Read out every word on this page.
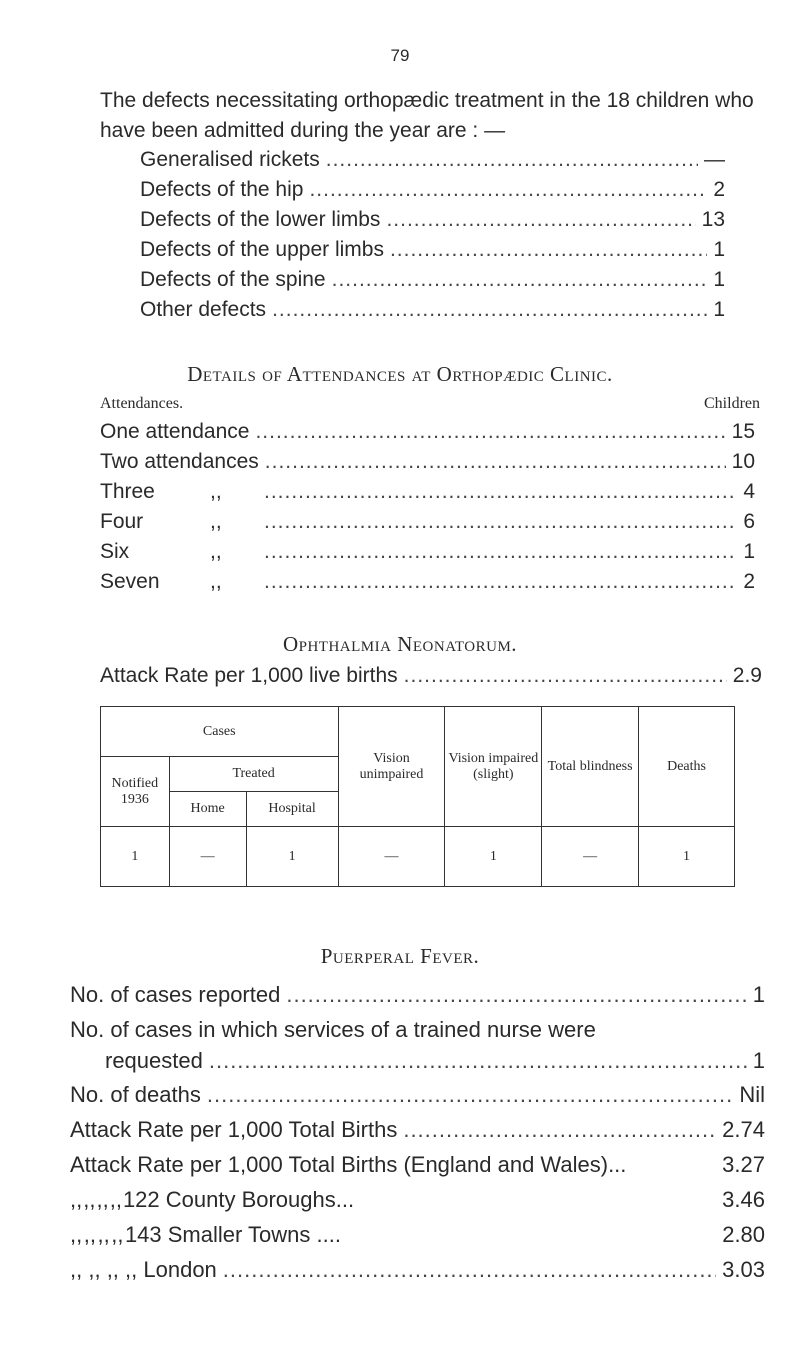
79

The defects necessitating orthopædic treatment in the 18 children who have been admitted during the year are : —

Generalised rickets .....	—
Defects of the hip .....	2
Defects of the lower limbs .....	13
Defects of the upper limbs .....	1
Defects of the spine .....	1
Other defects .....	1
Details of Attendances at Orthopædic Clinic.
Attendances.	Children
One attendance .....	15
Two attendances .....	10
Three	,, .....	4
Four	,, .....	6
Six	,, .....	1
Seven	,, .....	2
Ophthalmia Neonatorum.
Attack Rate per 1,000 live births .....	2.9
Cases			Vision unimpaired	Vision impaired (slight)	Total blindness	Deaths
Notified 1936	Treated					
	Home	Hospital				
1	—	1	—	1	—	1
Puerperal Fever.
No. of cases reported .....	1
No. of cases in which services of a trained nurse were
requested .....	1
No. of deaths .....	Nil
Attack Rate per 1,000 Total Births .....	2.74
Attack Rate per 1,000 Total Births (England and Wales)...	3.27
,, ,, ,, ,, 122 County Boroughs...	3.46
,, ,, ,, ,, 143 Smaller Towns ....	2.80
,, ,, ,, ,, London .....	3.03
